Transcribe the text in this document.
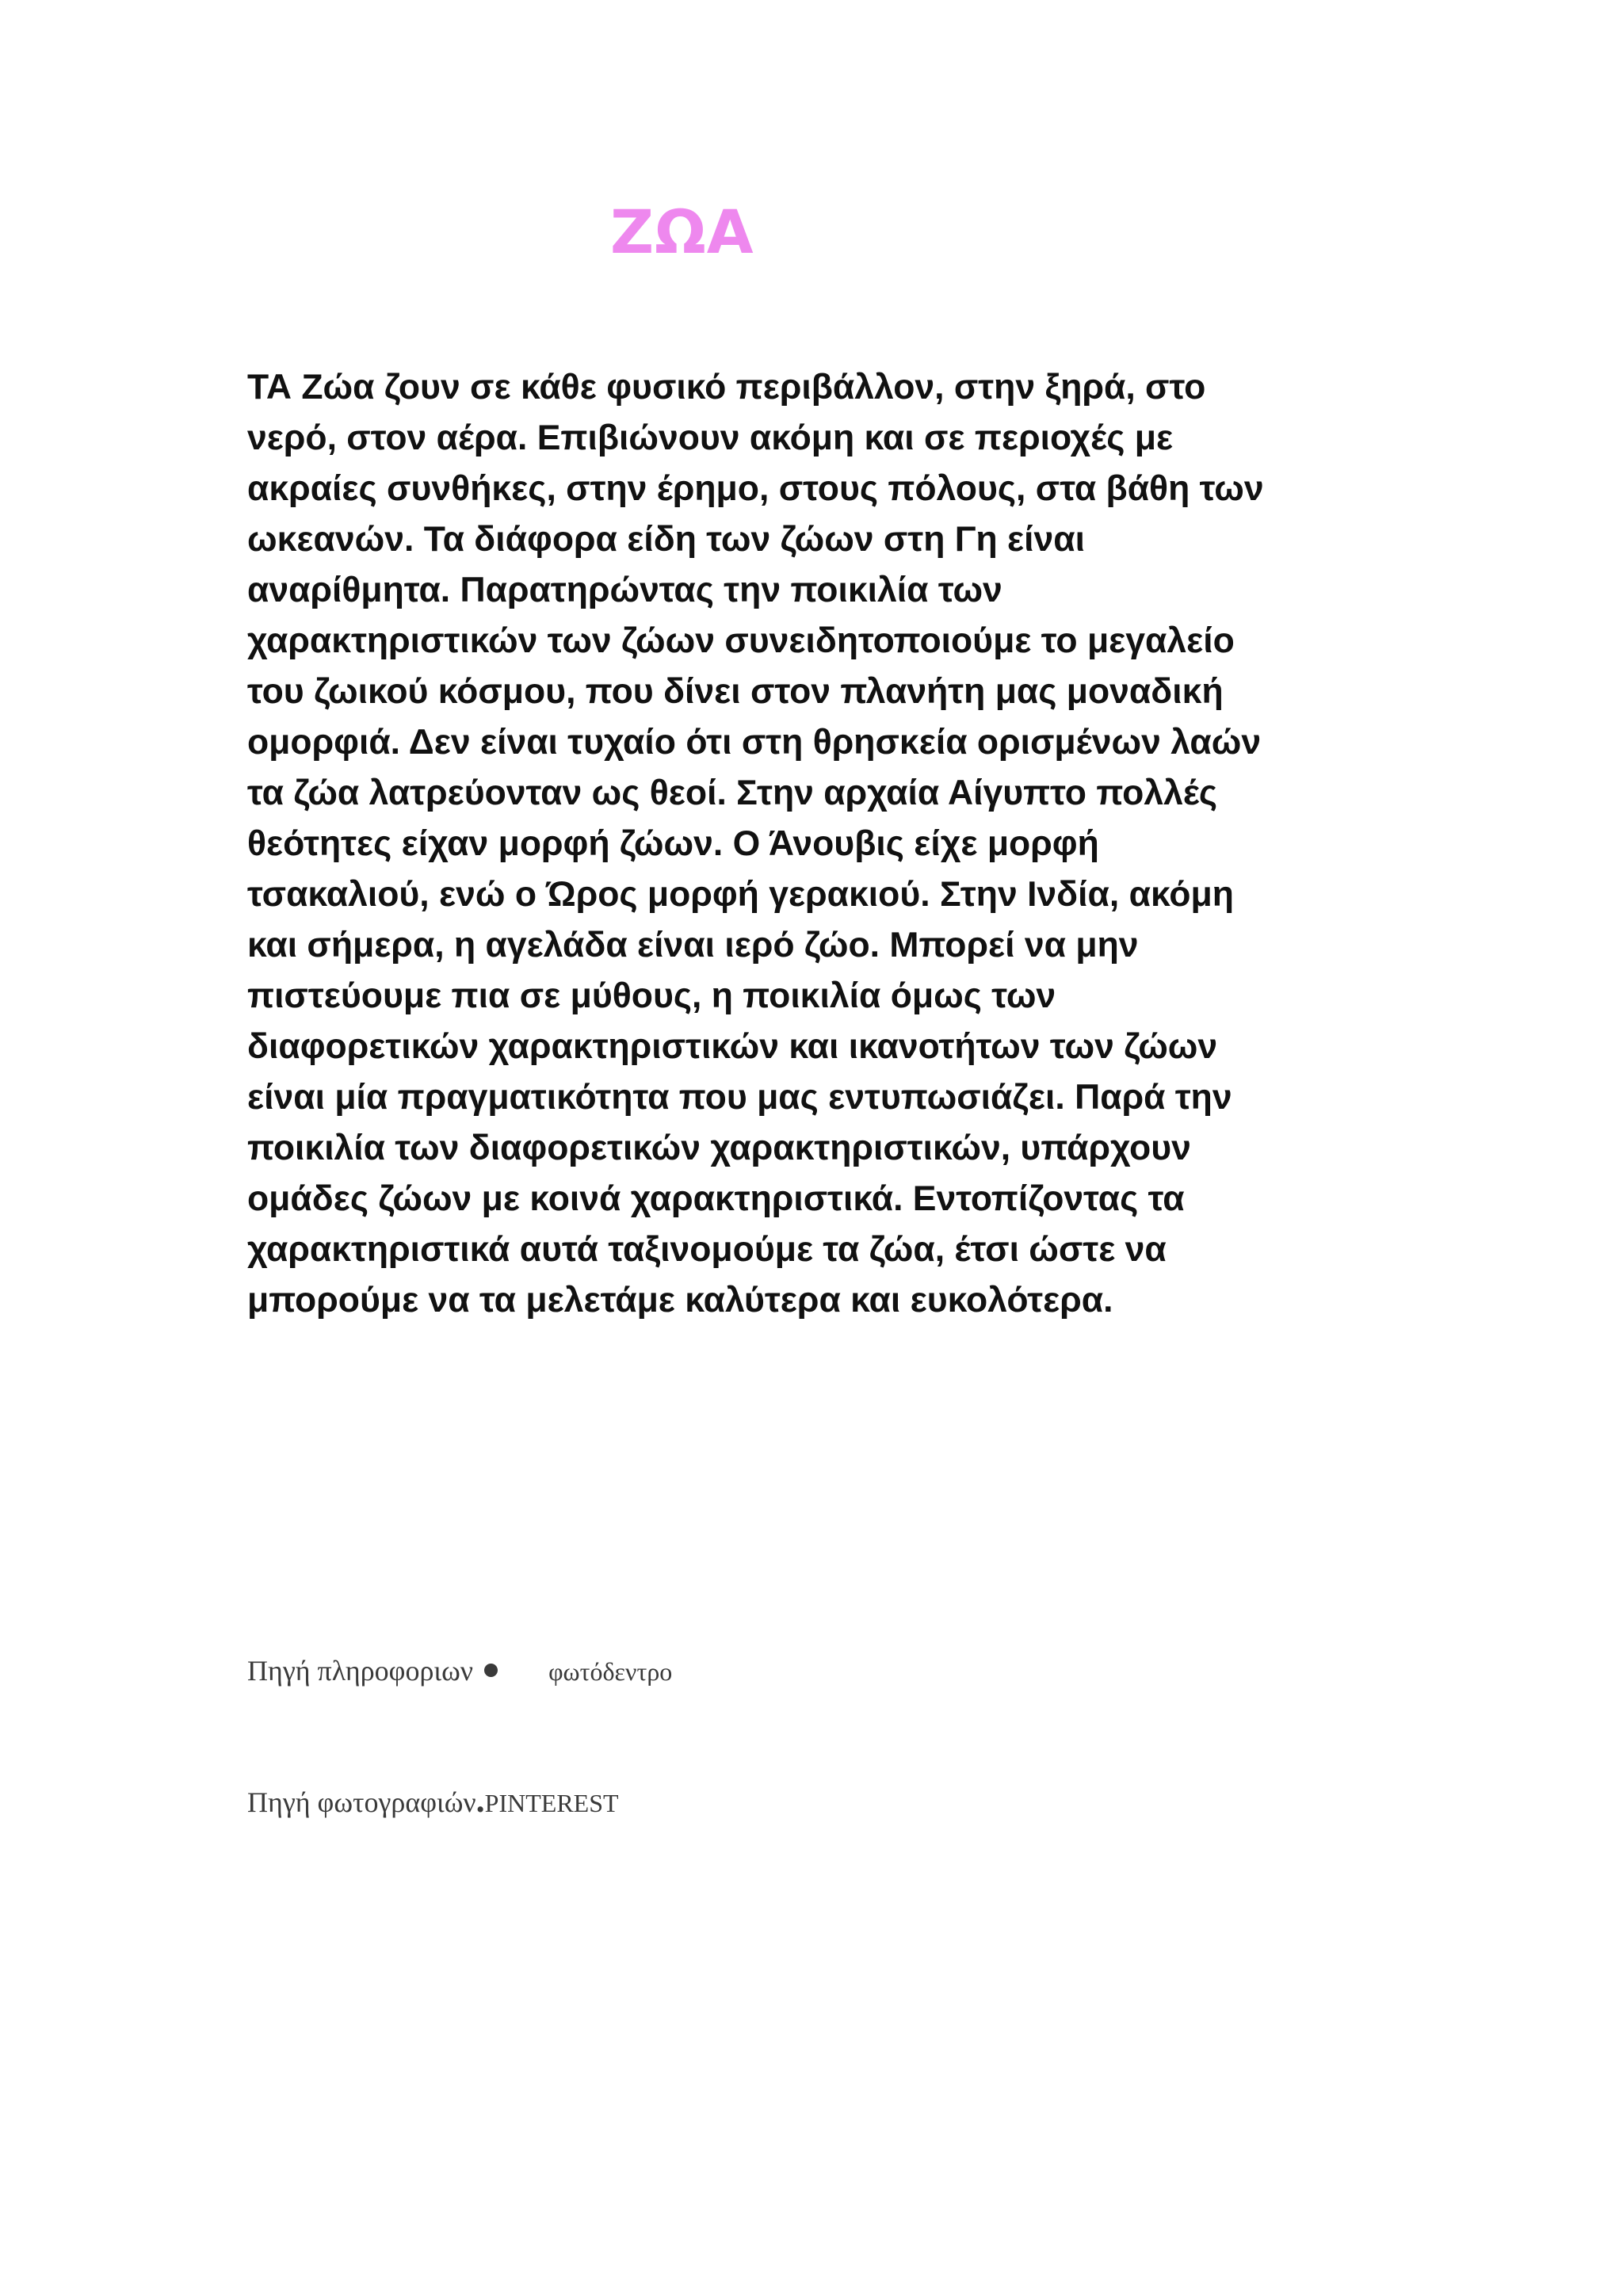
ΖΩΑ
ΤΑ Ζώα ζουν σε κάθε φυσικό περιβάλλον, στην ξηρά, στο
νερό, στον αέρα. Επιβιώνουν ακόμη και σε περιοχές με
ακραίες συνθήκες, στην έρημο, στους πόλους, στα βάθη των
ωκεανών. Τα διάφορα είδη των ζώων στη Γη είναι
αναρίθμητα. Παρατηρώντας την ποικιλία των
χαρακτηριστικών των ζώων συνειδητοποιούμε το μεγαλείο
του ζωικού κόσμου, που δίνει στον πλανήτη μας μοναδική
ομορφιά. Δεν είναι τυχαίο ότι στη θρησκεία ορισμένων λαών
τα ζώα λατρεύονταν ως θεοί. Στην αρχαία Αίγυπτο πολλές
θεότητες είχαν μορφή ζώων. Ο Άνουβις είχε μορφή
τσακαλιού, ενώ ο Ώρος μορφή γερακιού. Στην Ινδία, ακόμη
και σήμερα, η αγελάδα είναι ιερό ζώο. Μπορεί να μην
πιστεύουμε πια σε μύθους, η ποικιλία όμως των
διαφορετικών χαρακτηριστικών και ικανοτήτων των ζώων
είναι μία πραγματικότητα που μας εντυπωσιάζει. Παρά την
ποικιλία των διαφορετικών χαρακτηριστικών, υπάρχουν
ομάδες ζώων με κοινά χαρακτηριστικά. Εντοπίζοντας τα
χαρακτηριστικά αυτά ταξινομούμε τα ζώα, έτσι ώστε να
μπορούμε να τα μελετάμε καλύτερα και ευκολότερα.

Πηγή πληροφοριων	φωτόδεντρο

Πηγή φωτογραφιών.PINTEREST
